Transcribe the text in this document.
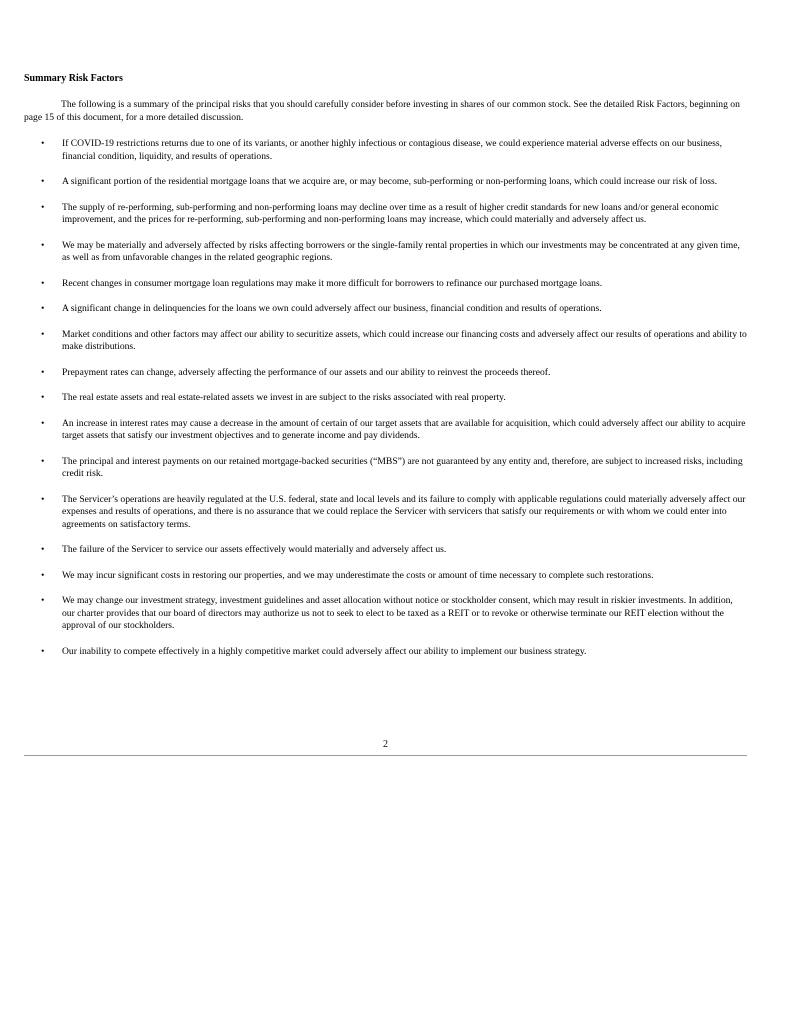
Summary Risk Factors

The following is a summary of the principal risks that you should carefully consider before investing in shares of our common stock. See the detailed Risk Factors, beginning on page 15 of this document, for a more detailed discussion.

• If COVID-19 restrictions returns due to one of its variants, or another highly infectious or contagious disease, we could experience material adverse effects on our business, financial condition, liquidity, and results of operations.
• A significant portion of the residential mortgage loans that we acquire are, or may become, sub-performing or non-performing loans, which could increase our risk of loss.
• The supply of re-performing, sub-performing and non-performing loans may decline over time as a result of higher credit standards for new loans and/or general economic improvement, and the prices for re-performing, sub-performing and non-performing loans may increase, which could materially and adversely affect us.
• We may be materially and adversely affected by risks affecting borrowers or the single-family rental properties in which our investments may be concentrated at any given time, as well as from unfavorable changes in the related geographic regions.
• Recent changes in consumer mortgage loan regulations may make it more difficult for borrowers to refinance our purchased mortgage loans.
• A significant change in delinquencies for the loans we own could adversely affect our business, financial condition and results of operations.
• Market conditions and other factors may affect our ability to securitize assets, which could increase our financing costs and adversely affect our results of operations and ability to make distributions.
• Prepayment rates can change, adversely affecting the performance of our assets and our ability to reinvest the proceeds thereof.
• The real estate assets and real estate-related assets we invest in are subject to the risks associated with real property.
• An increase in interest rates may cause a decrease in the amount of certain of our target assets that are available for acquisition, which could adversely affect our ability to acquire target assets that satisfy our investment objectives and to generate income and pay dividends.
• The principal and interest payments on our retained mortgage-backed securities (“MBS”) are not guaranteed by any entity and, therefore, are subject to increased risks, including credit risk.
• The Servicer’s operations are heavily regulated at the U.S. federal, state and local levels and its failure to comply with applicable regulations could materially adversely affect our expenses and results of operations, and there is no assurance that we could replace the Servicer with servicers that satisfy our requirements or with whom we could enter into agreements on satisfactory terms.
• The failure of the Servicer to service our assets effectively would materially and adversely affect us.
• We may incur significant costs in restoring our properties, and we may underestimate the costs or amount of time necessary to complete such restorations.
• We may change our investment strategy, investment guidelines and asset allocation without notice or stockholder consent, which may result in riskier investments. In addition, our charter provides that our board of directors may authorize us not to seek to elect to be taxed as a REIT or to revoke or otherwise terminate our REIT election without the approval of our stockholders.
• Our inability to compete effectively in a highly competitive market could adversely affect our ability to implement our business strategy.
2
